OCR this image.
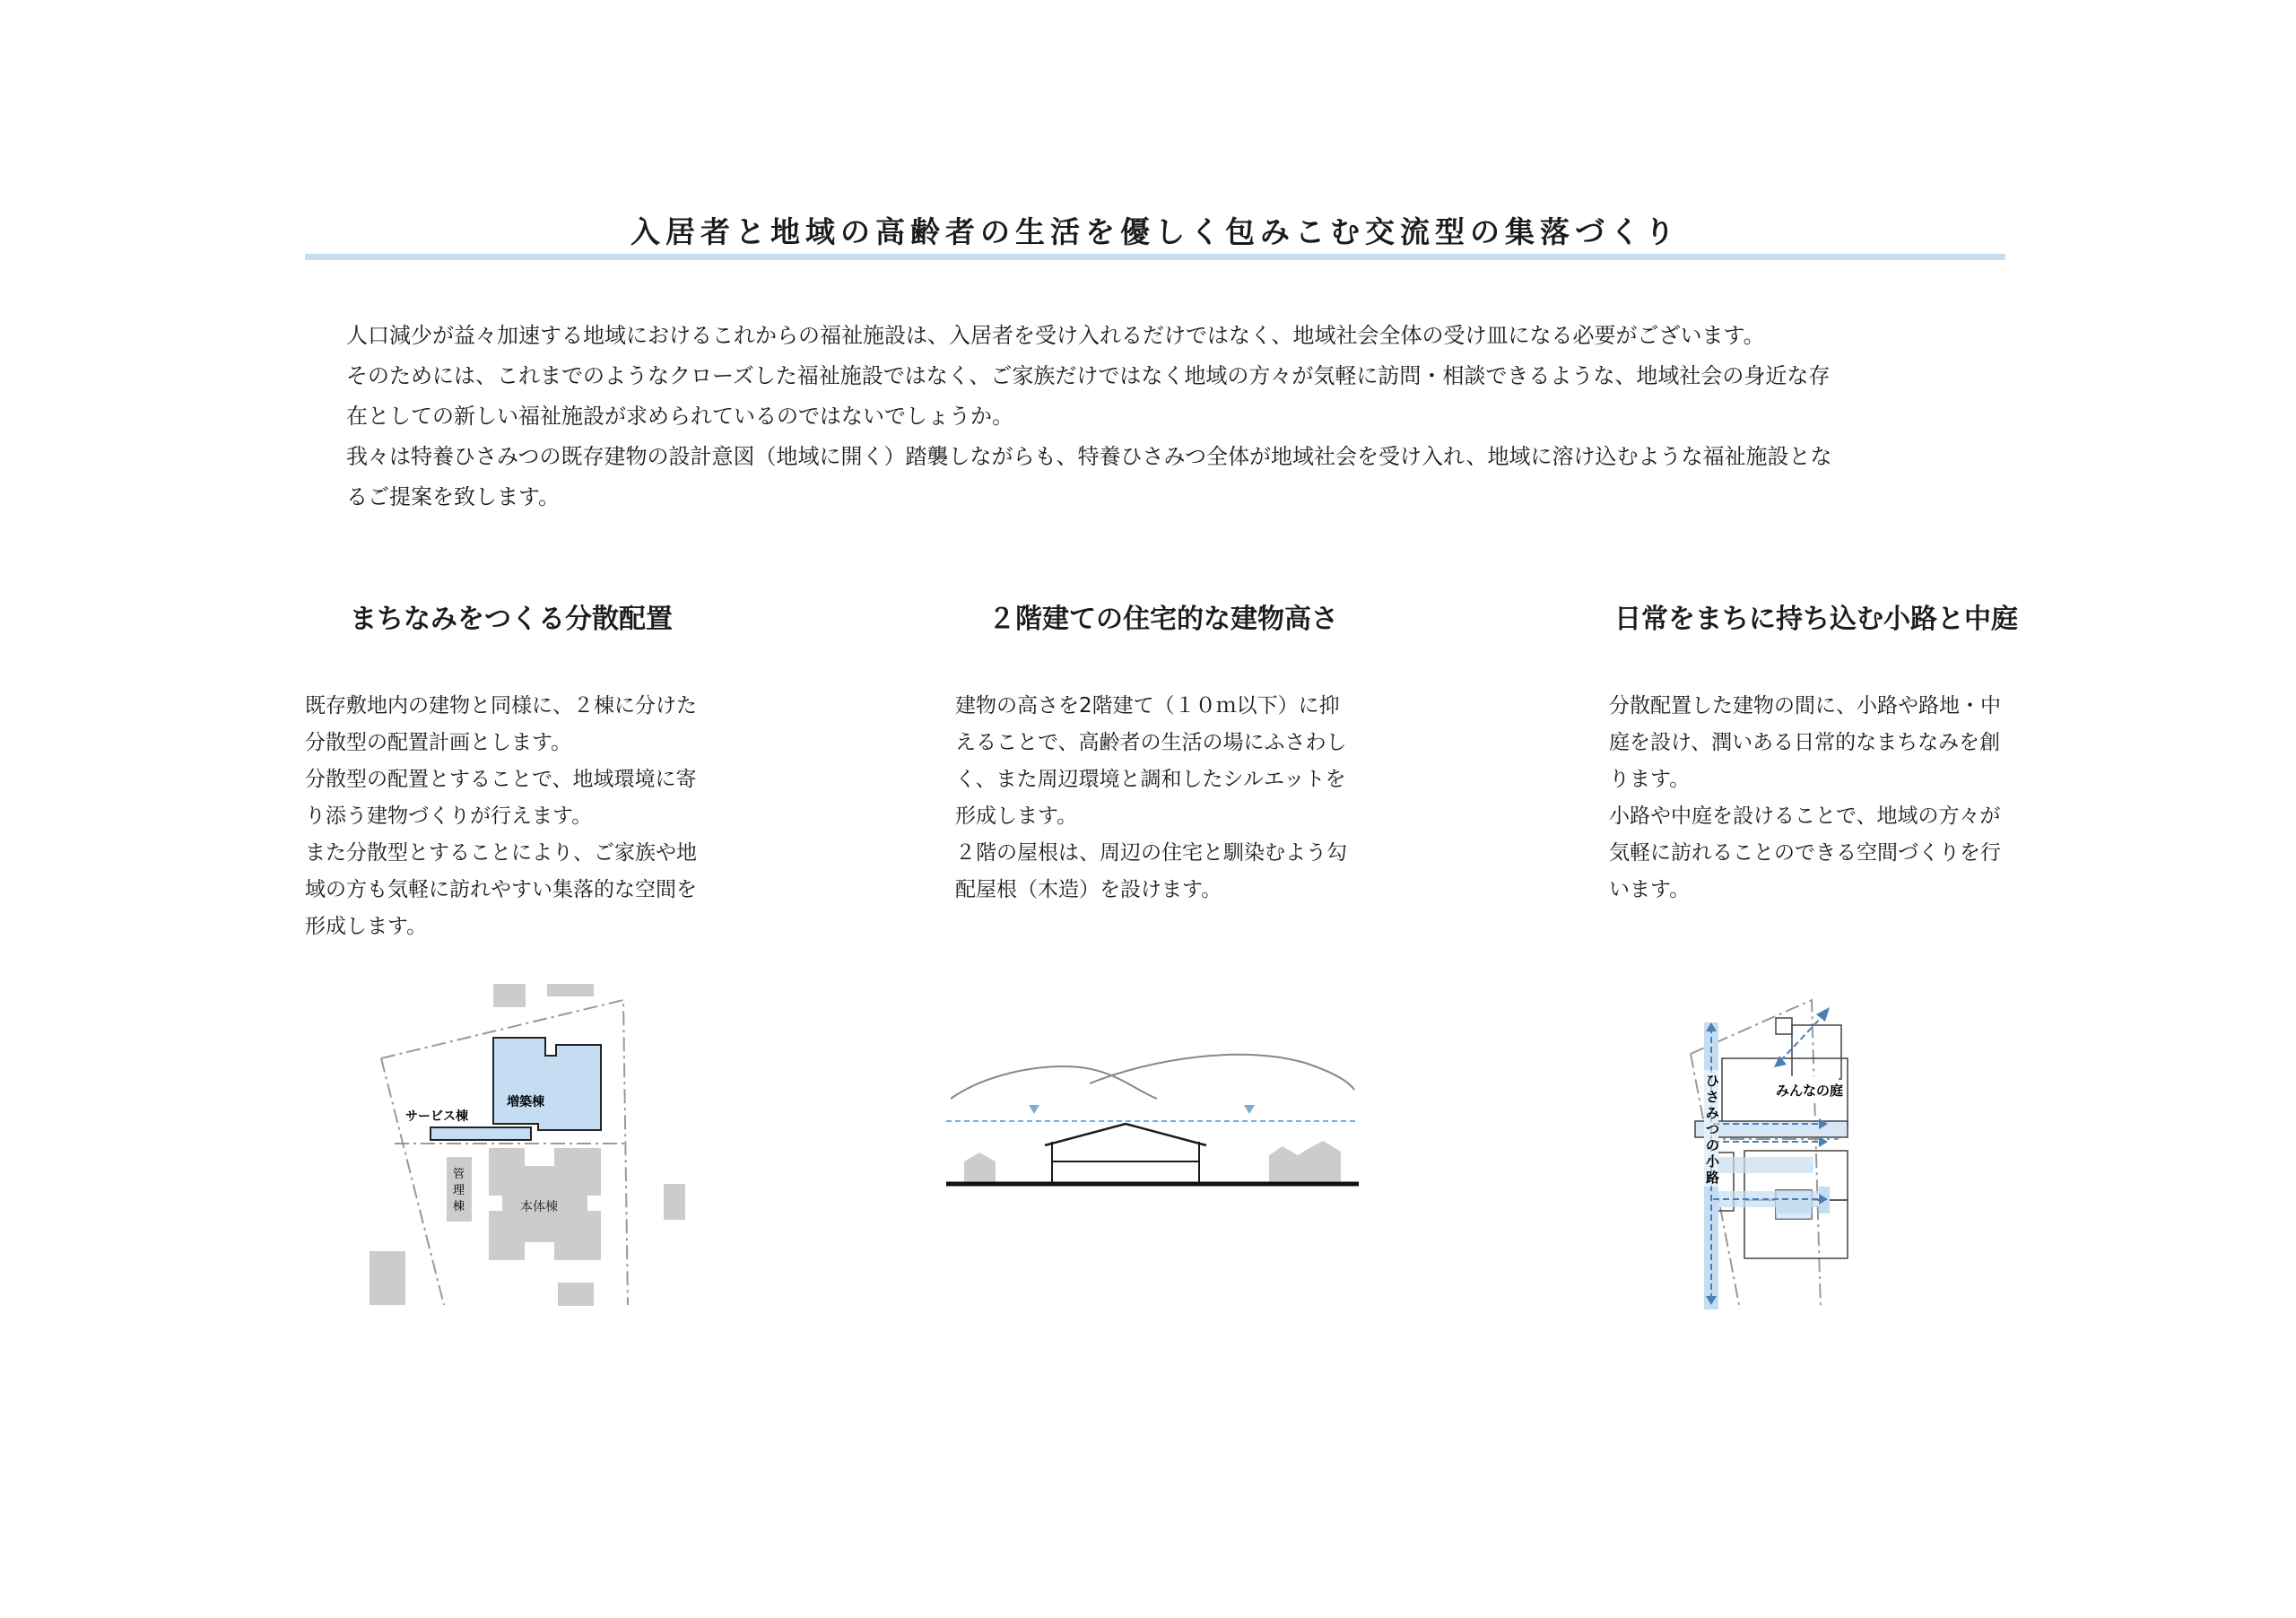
入居者と地域の高齢者の生活を優しく包みこむ交流型の集落づくり

人口減少が益々加速する地域におけるこれからの福祉施設は、入居者を受け入れるだけではなく、地域社会全体の受け皿になる必要がございます。

そのためには、これまでのようなクローズした福祉施設ではなく、ご家族だけではなく地域の方々が気軽に訪問・相談できるような、地域社会の身近な存

在としての新しい福祉施設が求められているのではないでしょうか。

我々は特養ひさみつの既存建物の設計意図（地域に開く）踏襲しながらも、特養ひさみつ全体が地域社会を受け入れ、地域に溶け込むような福祉施設とな

るご提案を致します。

まちなみをつくる分散配置

既存敷地内の建物と同様に、２棟に分けた

分散型の配置計画とします。

分散型の配置とすることで、地域環境に寄

り添う建物づくりが行えます。

また分散型とすることにより、ご家族や地

域の方も気軽に訪れやすい集落的な空間を

形成します。

２階建ての住宅的な建物高さ

建物の高さを2階建て（１０ｍ以下）に抑

えることで、高齢者の生活の場にふさわし

く、また周辺環境と調和したシルエットを

形成します。

２階の屋根は、周辺の住宅と馴染むよう勾

配屋根（木造）を設けます。

日常をまちに持ち込む小路と中庭

分散配置した建物の間に、小路や路地・中

庭を設け、潤いある日常的なまちなみを創

ります。

小路や中庭を設けることで、地域の方々が

気軽に訪れることのできる空間づくりを行

います。

増築棟
サービス棟
管
理
棟	本体棟
みんなの庭
ひ
さ
み
つ
の
小
路
